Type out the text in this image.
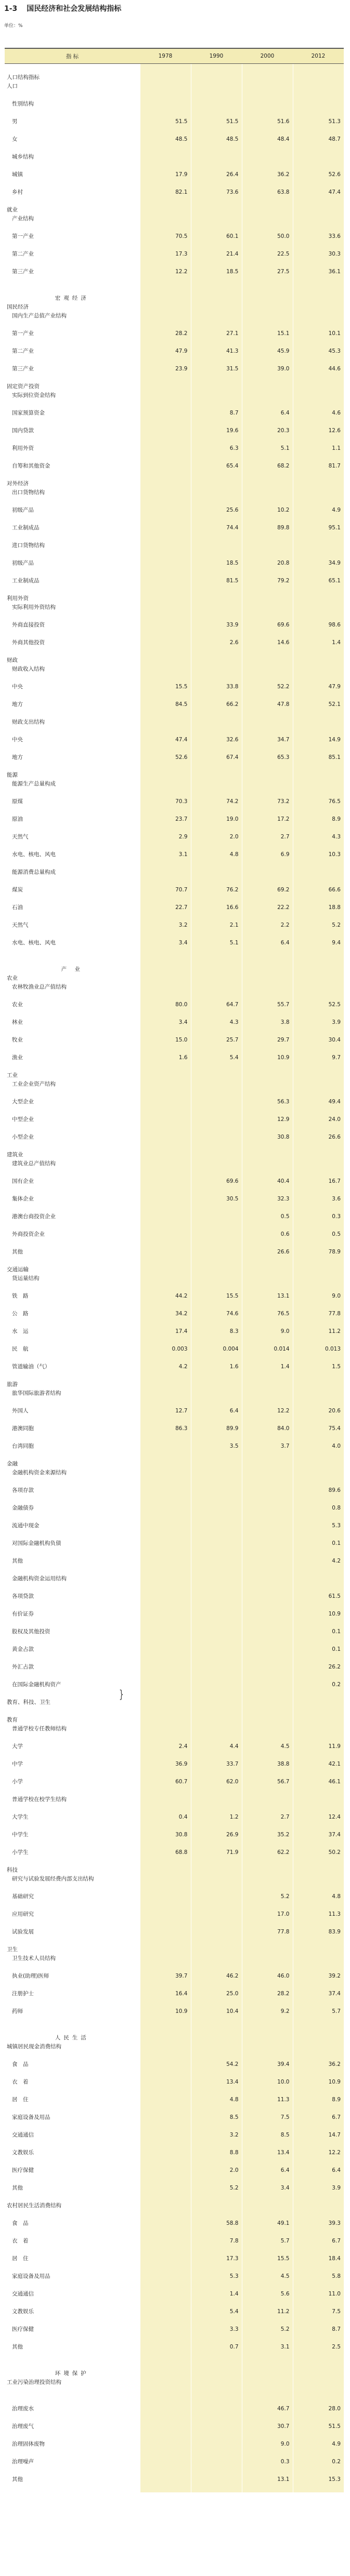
1-3 国民经济和社会发展结构指标
单位：%
指 标	1978	1990	2000	2012

人口结构指标				
人口				

性别结构				

男	51.5	51.5	51.6	51.3

女	48.5	48.5	48.4	48.7

城乡结构				

城镇	17.9	26.4	36.2	52.6

乡村	82.1	73.6	63.8	47.4

就业				
产业结构				

第一产业	70.5	60.1	50.0	33.6

第二产业	17.3	21.4	22.5	30.3

第三产业	12.2	18.5	27.5	36.1

宏观经济				
国民经济				
国内生产总值产业结构				

第一产业	28.2	27.1	15.1	10.1

第二产业	47.9	41.3	45.9	45.3

第三产业	23.9	31.5	39.0	44.6

固定资产投资				
实际到位资金结构				

国家预算资金		8.7	6.4	4.6

国内贷款		19.6	20.3	12.6

利用外资		6.3	5.1	1.1

自筹和其他资金		65.4	68.2	81.7

对外经济				
出口货物结构				

初级产品		25.6	10.2	4.9

工业制成品		74.4	89.8	95.1

进口货物结构				

初级产品		18.5	20.8	34.9

工业制成品		81.5	79.2	65.1

利用外资				
实际利用外资结构				

外商直接投资		33.9	69.6	98.6

外商其他投资		2.6	14.6	1.4

财政				
财政收入结构				

中央	15.5	33.8	52.2	47.9

地方	84.5	66.2	47.8	52.1

财政支出结构				

中央	47.4	32.6	34.7	14.9

地方	52.6	67.4	65.3	85.1

能源				
能源生产总量构成				

原煤	70.3	74.2	73.2	76.5

原油	23.7	19.0	17.2	8.9

天然气	2.9	2.0	2.7	4.3

水电、核电、风电	3.1	4.8	6.9	10.3

能源消费总量构成				

煤炭	70.7	76.2	69.2	66.6

石油	22.7	16.6	22.2	18.8

天然气	3.2	2.1	2.2	5.2

水电、核电、风电	3.4	5.1	6.4	9.4

产 业				
农业				
农林牧渔业总产值结构				

农业	80.0	64.7	55.7	52.5

林业	3.4	4.3	3.8	3.9

牧业	15.0	25.7	29.7	30.4

渔业	1.6	5.4	10.9	9.7

工业				
工业企业资产结构				

大型企业			56.3	49.4

中型企业			12.9	24.0

小型企业			30.8	26.6

建筑业				
建筑业总产值结构				

国有企业		69.6	40.4	16.7

集体企业		30.5	32.3	3.6

港澳台商投资企业			0.5	0.3

外商投资企业			0.6	0.5

其他			26.6	78.9

交通运输				
货运量结构				

铁　路	44.2	15.5	13.1	9.0

公　路	34.2	74.6	76.5	77.8

水　运	17.4	8.3	9.0	11.2

民　航	0.003	0.004	0.014	0.013

管道输油（气）	4.2	1.6	1.4	1.5

旅游				
旅华国际旅游者结构				

外国人	12.7	6.4	12.2	20.6

港澳同胞	86.3	89.9	84.0	75.4

台湾同胞		3.5	3.7	4.0

金融				
金融机构资金来源结构				

各项存款				89.6

金融债券				0.8

流通中现金				5.3

对国际金融机构负债				0.1

其他				4.2

金融机构资金运用结构				

各项贷款				61.5

有价证券				10.9

股权及其他投资				0.1

黄金占款				0.1

外汇占款				26.2

在国际金融机构资产				0.2

教育、科技、卫生				

教育				
普通学校专任教师结构				

大学	2.4	4.4	4.5	11.9

中学	36.9	33.7	38.8	42.1

小学	60.7	62.0	56.7	46.1

普通学校在校学生结构				

大学生	0.4	1.2	2.7	12.4

中学生	30.8	26.9	35.2	37.4

小学生	68.8	71.9	62.2	50.2

科技				
研究与试验发展经费内部支出结构				

基础研究			5.2	4.8

应用研究			17.0	11.3

试验发展			77.8	83.9

卫生				
卫生技术人员结构				

执业(助理)医师	39.7	46.2	46.0	39.2

注册护士	16.4	25.0	28.2	37.4

药师	10.9	10.4	9.2	5.7

人民生活				
城镇居民现金消费结构				

食　品		54.2	39.4	36.2

衣　着		13.4	10.0	10.9

居　住		4.8	11.3	8.9

家庭设备及用品		8.5	7.5	6.7

交通通信		3.2	8.5	14.7

文教娱乐		8.8	13.4	12.2

医疗保健		2.0	6.4	6.4

其他		5.2	3.4	3.9

农村居民生活消费结构				

食　品		58.8	49.1	39.3

衣　着		7.8	5.7	6.7

居　住		17.3	15.5	18.4

家庭设备及用品		5.3	4.5	5.8

交通通信		1.4	5.6	11.0

文教娱乐		5.4	11.2	7.5

医疗保健		3.3	5.2	8.7

其他		0.7	3.1	2.5

环境保护				
工业污染治理投资结构				

治理废水			46.7	28.0

治理废气			30.7	51.5

治理固体废物			9.0	4.9

治理噪声			0.3	0.2

其他			13.1	15.3

}
